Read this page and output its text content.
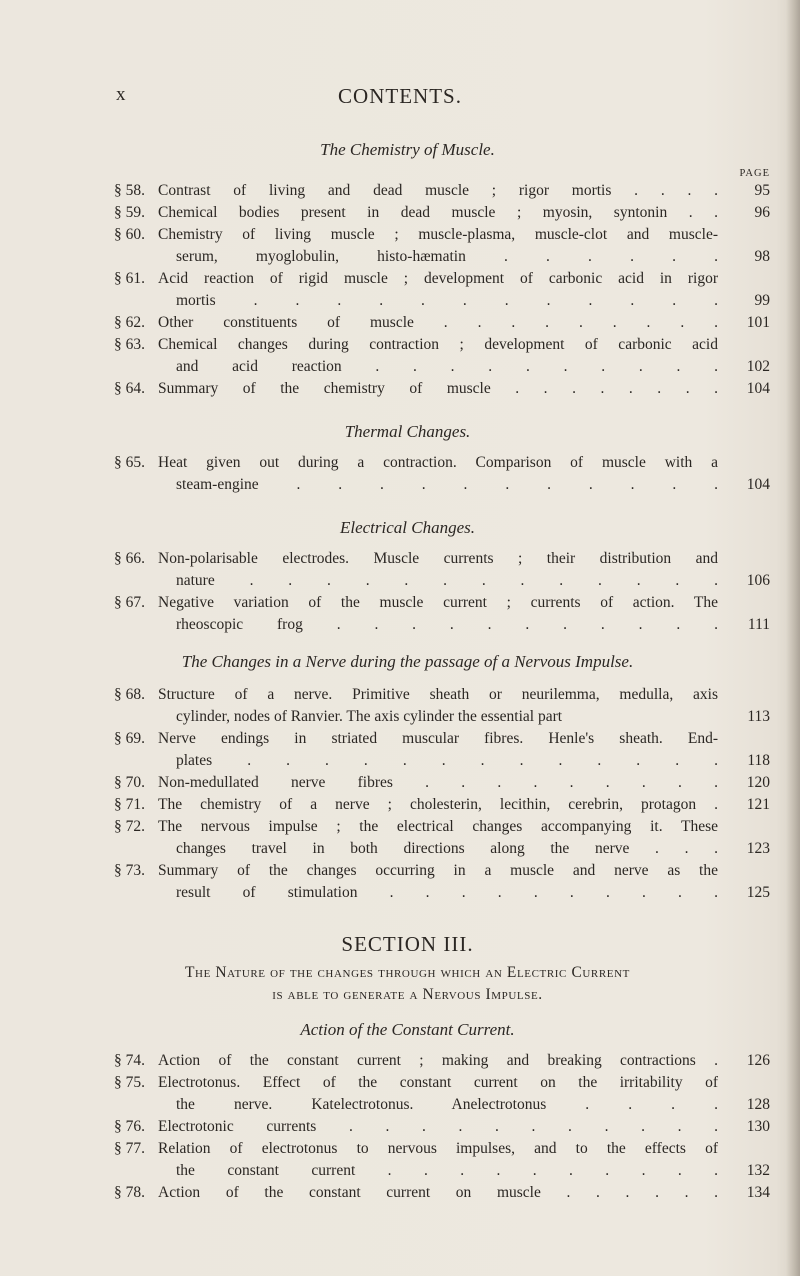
x	CONTENTS.
The Chemistry of Muscle.
PAGE
§ 58. Contrast of living and dead muscle ; rigor mortis . . . .	95
§ 59. Chemical bodies present in dead muscle ; myosin, syntonin . .	96
§ 60. Chemistry of living muscle ; muscle-plasma, muscle-clot and muscle-
serum, myoglobulin, histo-hæmatin . . . . . .	98
§ 61. Acid reaction of rigid muscle ; development of carbonic acid in rigor
mortis . . . . . . . . . . . .	99
§ 62. Other constituents of muscle . . . . . . . . .	101
§ 63. Chemical changes during contraction ; development of carbonic acid
and acid reaction . . . . . . . . . .	102
§ 64. Summary of the chemistry of muscle . . . . . . . .	104
Thermal Changes.
§ 65. Heat given out during a contraction. Comparison of muscle with a
steam-engine . . . . . . . . . . .	104
Electrical Changes.
§ 66. Non-polarisable electrodes. Muscle currents ; their distribution and
nature . . . . . . . . . . . . .	106
§ 67. Negative variation of the muscle current ; currents of action. The
rheoscopic frog . . . . . . . . . . .	111
The Changes in a Nerve during the passage of a Nervous Impulse.
§ 68. Structure of a nerve. Primitive sheath or neurilemma, medulla, axis
cylinder, nodes of Ranvier. The axis cylinder the essential part	113
§ 69. Nerve endings in striated muscular fibres. Henle's sheath. End-
plates . . . . . . . . . . . . .	118
§ 70. Non-medullated nerve fibres . . . . . . . . .	120
§ 71. The chemistry of a nerve ; cholesterin, lecithin, cerebrin, protagon .	121
§ 72. The nervous impulse ; the electrical changes accompanying it. These
changes travel in both directions along the nerve . . .	123
§ 73. Summary of the changes occurring in a muscle and nerve as the
result of stimulation . . . . . . . . . .	125
SECTION III.
The Nature of the changes through which an Electric Current
is able to generate a Nervous Impulse.
Action of the Constant Current.
§ 74. Action of the constant current ; making and breaking contractions .	126
§ 75. Electrotonus. Effect of the constant current on the irritability of
the nerve. Katelectrotonus. Anelectrotonus . . . .	128
§ 76. Electrotonic currents . . . . . . . . . . .	130
§ 77. Relation of electrotonus to nervous impulses, and to the effects of
the constant current . . . . . . . . . .	132
§ 78. Action of the constant current on muscle . . . . . .	134
